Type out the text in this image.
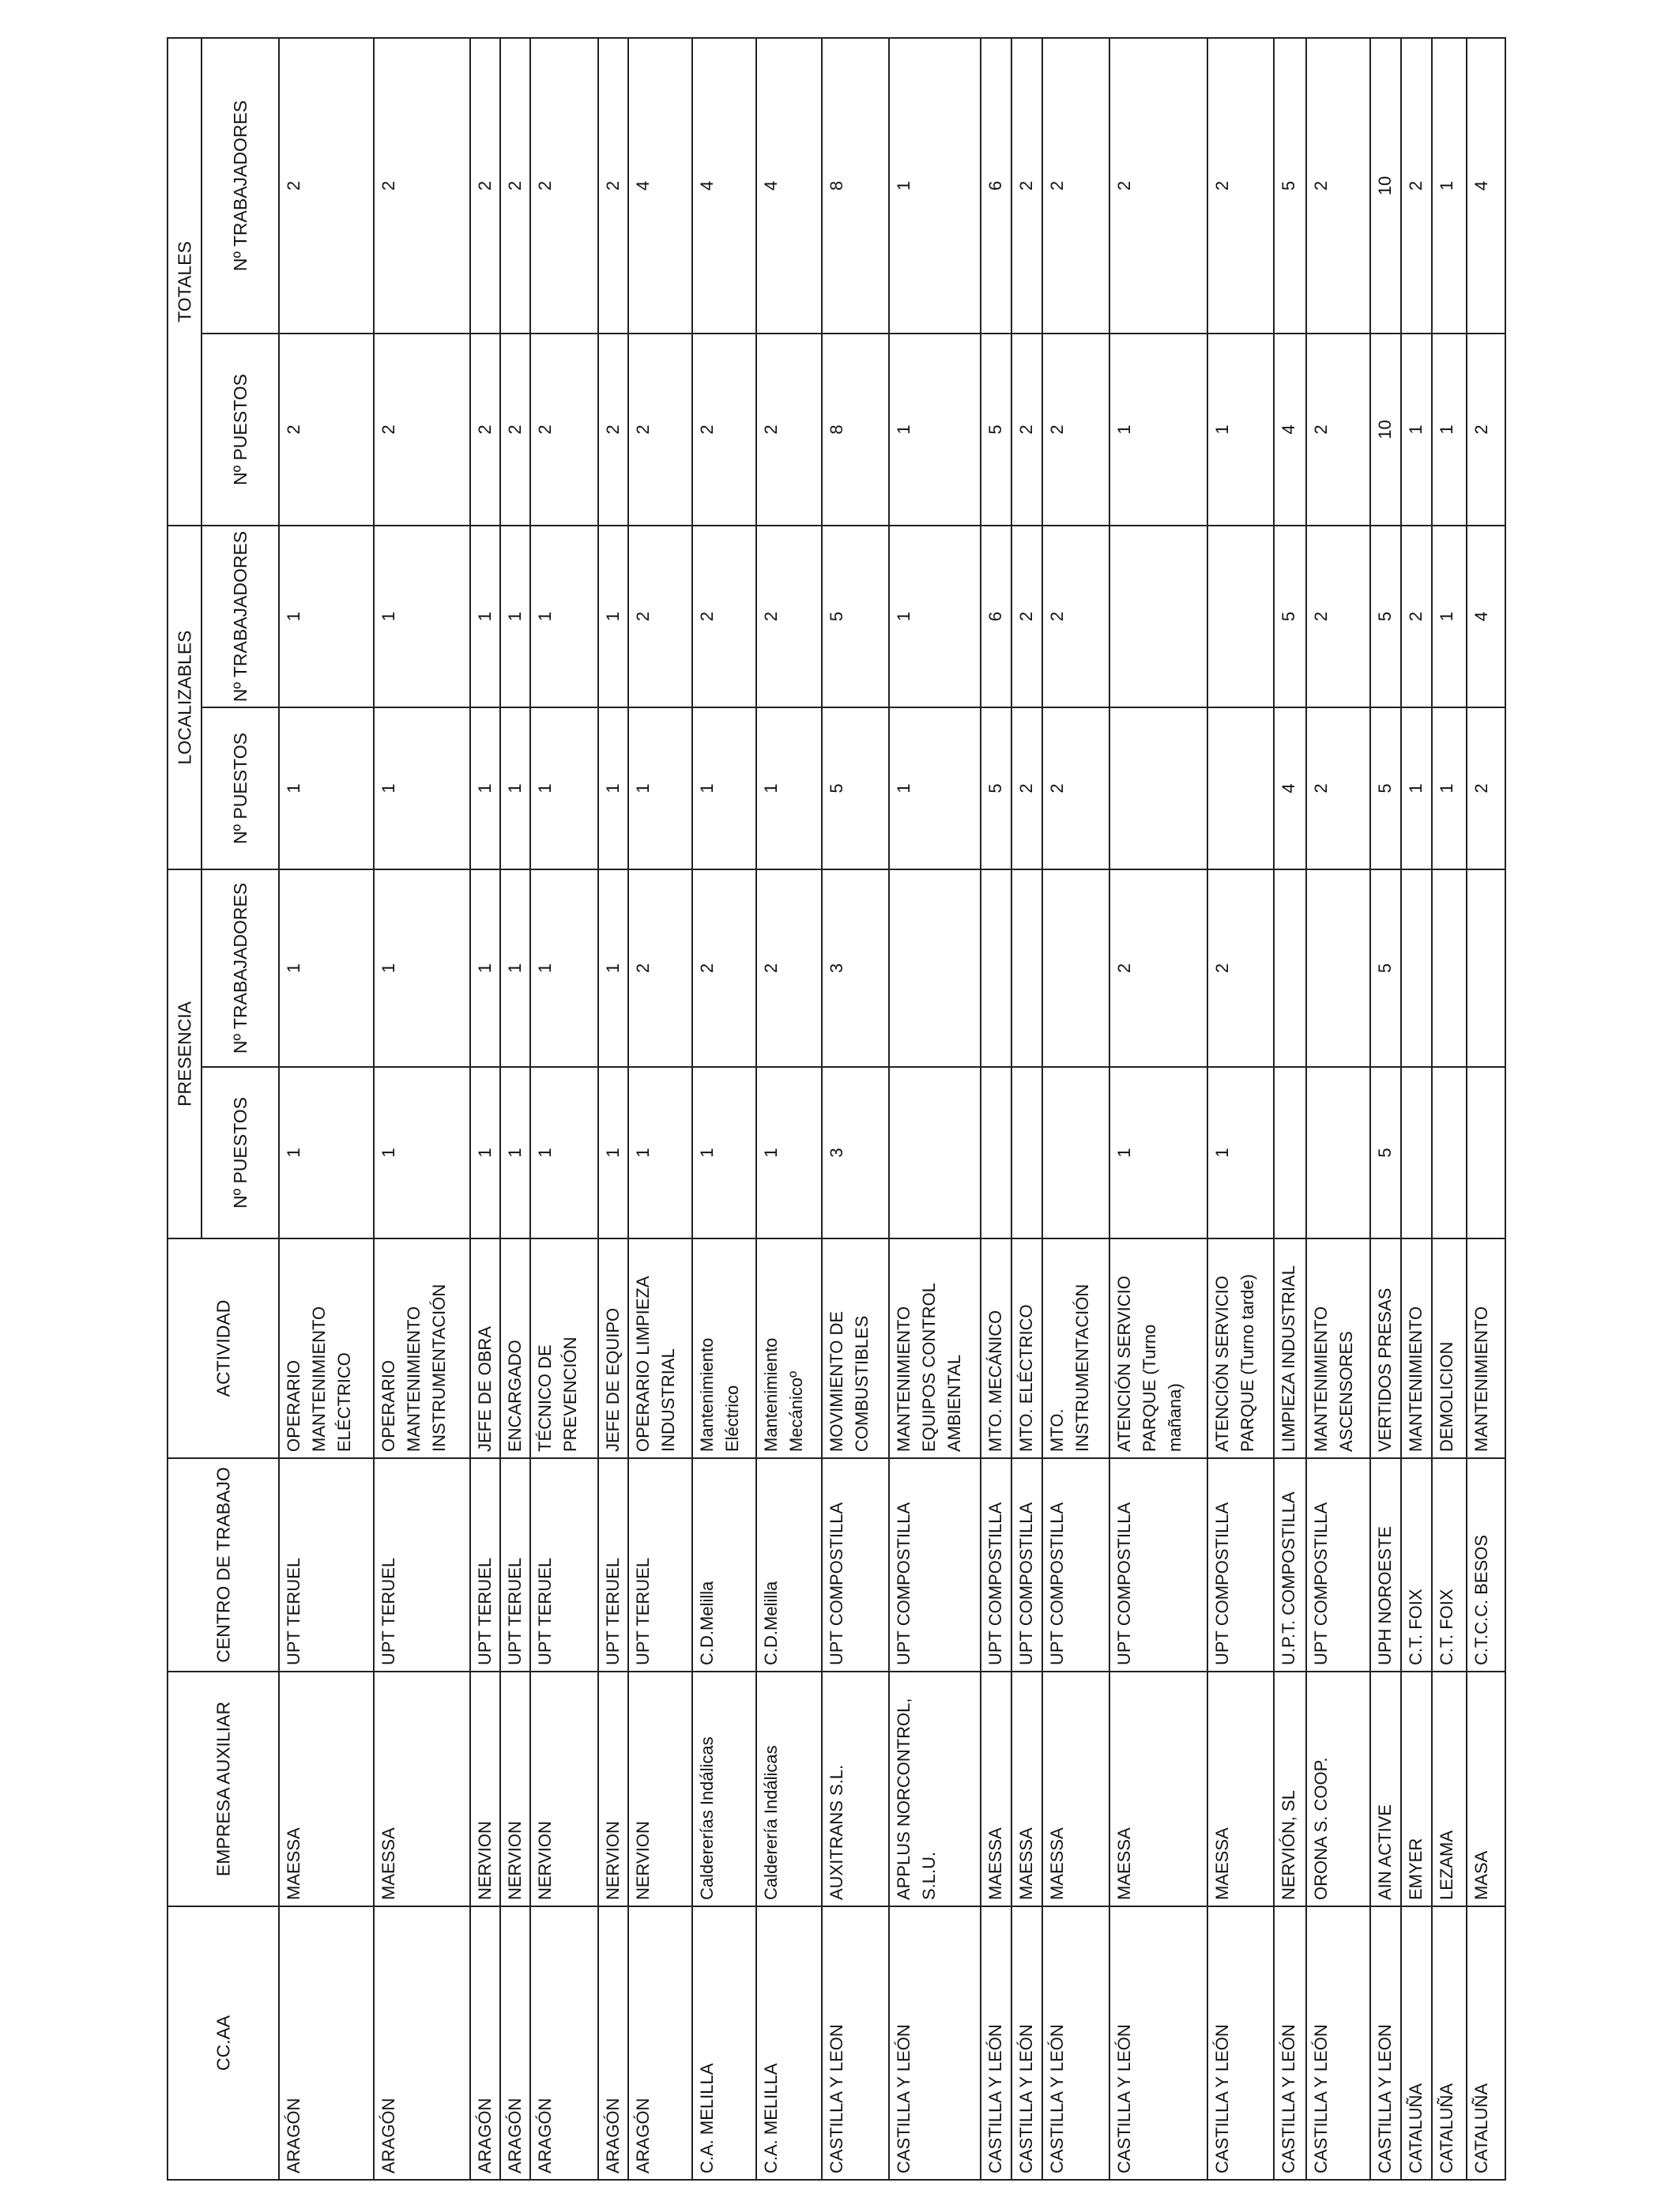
CC.AA
EMPRESA AUXILIAR
CENTRO DE TRABAJO
ACTIVIDAD
PRESENCIA
LOCALIZABLES
TOTALES
Nº PUESTOS
Nº TRABAJADORES
Nº PUESTOS
Nº TRABAJADORES
Nº PUESTOS
Nº TRABAJADORES
ARAGÓN
MAESSA
UPT TERUEL
OPERARIO MANTENIMIENTO ELÉCTRICO
1
1
1
1
2
2
ARAGÓN
MAESSA
UPT TERUEL
OPERARIO MANTENIMIENTO INSTRUMENTACIÓN
1
1
1
1
2
2
ARAGÓN
NERVION
UPT TERUEL
JEFE DE OBRA
1
1
1
1
2
2
ARAGÓN
NERVION
UPT TERUEL
ENCARGADO
1
1
1
1
2
2
ARAGÓN
NERVION
UPT TERUEL
TÉCNICO DE PREVENCIÓN
1
1
1
1
2
2
ARAGÓN
NERVION
UPT TERUEL
JEFE DE EQUIPO
1
1
1
1
2
2
ARAGÓN
NERVION
UPT TERUEL
OPERARIO LIMPIEZA INDUSTRIAL
1
2
1
2
2
4
C.A. MELILLA
Caldererías Indálicas
C.D.Melilla
Mantenimiento Eléctrico
1
2
1
2
2
4
C.A. MELILLA
Calderería Indálicas
C.D.Melilla
Mantenimiento Mecánicoº
1
2
1
2
2
4
CASTILLA Y LEON
AUXITRANS S.L.
UPT COMPOSTILLA
MOVIMIENTO DE COMBUSTIBLES
3
3
5
5
8
8
CASTILLA Y LEÓN
APPLUS NORCONTROL, S.L.U.
UPT COMPOSTILLA
MANTENIMIENTO EQUIPOS CONTROL AMBIENTAL
1
1
1
1
CASTILLA Y LEÓN
MAESSA
UPT COMPOSTILLA
MTO. MECÁNICO
5
6
5
6
CASTILLA Y LEÓN
MAESSA
UPT COMPOSTILLA
MTO. ELÉCTRICO
2
2
2
2
CASTILLA Y LEÓN
MAESSA
UPT COMPOSTILLA
MTO. INSTRUMENTACIÓN
2
2
2
2
CASTILLA Y LEÓN
MAESSA
UPT COMPOSTILLA
ATENCIÓN SERVICIO PARQUE (Turno mañana)
1
2
1
2
CASTILLA Y LEÓN
MAESSA
UPT COMPOSTILLA
ATENCIÓN SERVICIO PARQUE (Turno tarde)
1
2
1
2
CASTILLA Y LEÓN
NERVIÓN, SL
U.P.T. COMPOSTILLA
LIMPIEZA INDUSTRIAL
4
5
4
5
CASTILLA Y LEÓN
ORONA S. COOP.
UPT COMPOSTILLA
MANTENIMIENTO ASCENSORES
2
2
2
2
CASTILLA Y LEON
AIN ACTIVE
UPH NOROESTE
VERTIDOS PRESAS
5
5
5
5
10
10
CATALUÑA
EMYER
C.T. FOIX
MANTENIMIENTO
1
2
1
2
CATALUÑA
LEZAMA
C.T. FOIX
DEMOLICION
1
1
1
1
CATALUÑA
MASA
C.T.C.C. BESOS
MANTENIMIENTO
2
4
2
4
